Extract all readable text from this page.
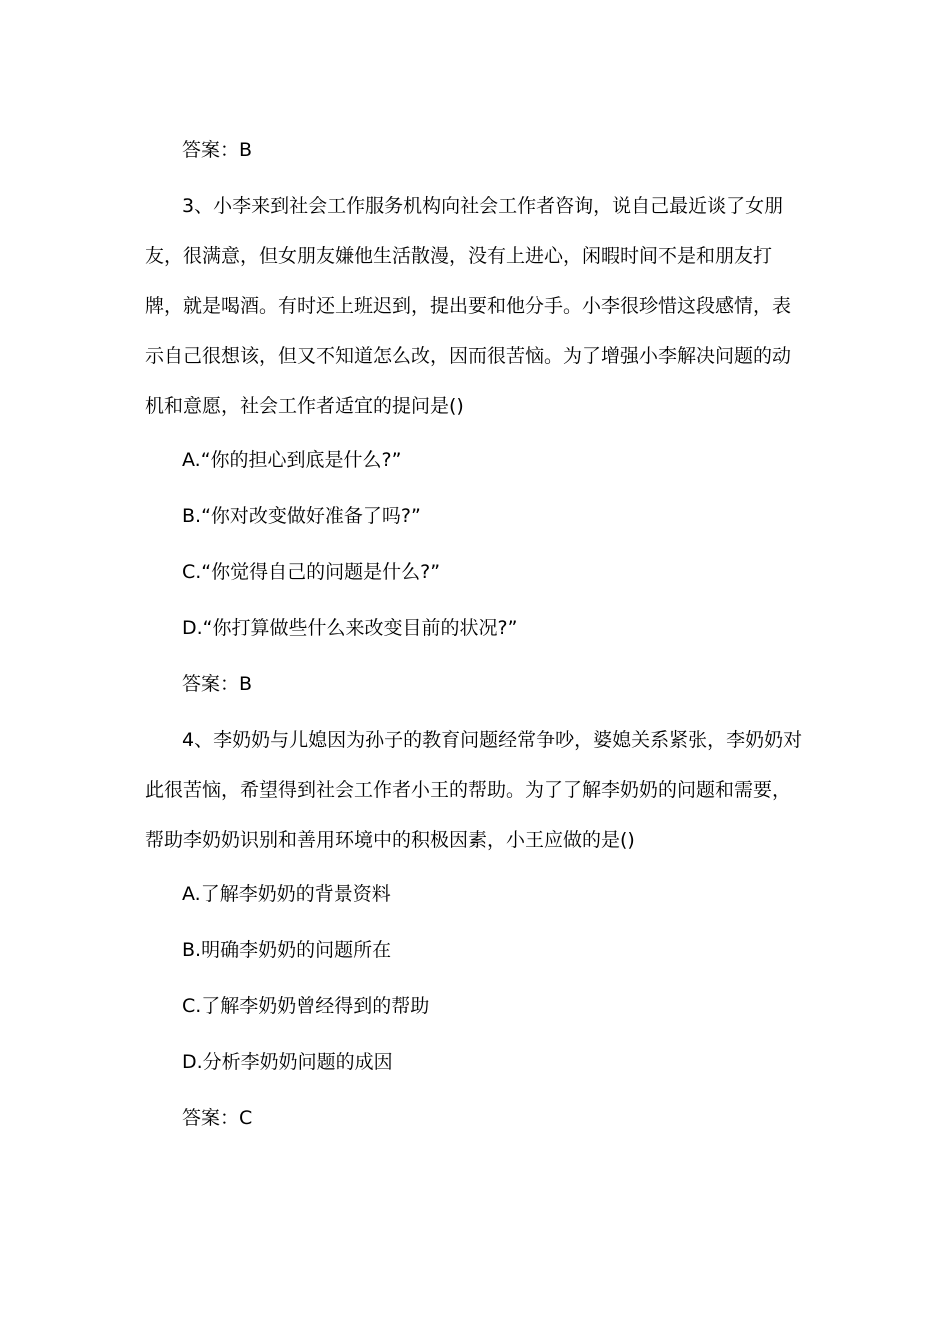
答案：B

3、小李来到社会工作服务机构向社会工作者咨询，说自己最近谈了女朋友，很满意，但女朋友嫌他生活散漫，没有上进心，闲暇时间不是和朋友打牌，就是喝酒。有时还上班迟到，提出要和他分手。小李很珍惜这段感情，表示自己很想该，但又不知道怎么改，因而很苦恼。为了增强小李解决问题的动机和意愿，社会工作者适宜的提问是()

A.“你的担心到底是什么?”
B.“你对改变做好准备了吗?”
C.“你觉得自己的问题是什么?”
D.“你打算做些什么来改变目前的状况?”
答案：B

4、李奶奶与儿媳因为孙子的教育问题经常争吵，婆媳关系紧张，李奶奶对此很苦恼，希望得到社会工作者小王的帮助。为了了解李奶奶的问题和需要，帮助李奶奶识别和善用环境中的积极因素，小王应做的是()

A.了解李奶奶的背景资料
B.明确李奶奶的问题所在
C.了解李奶奶曾经得到的帮助
D.分析李奶奶问题的成因
答案：C
